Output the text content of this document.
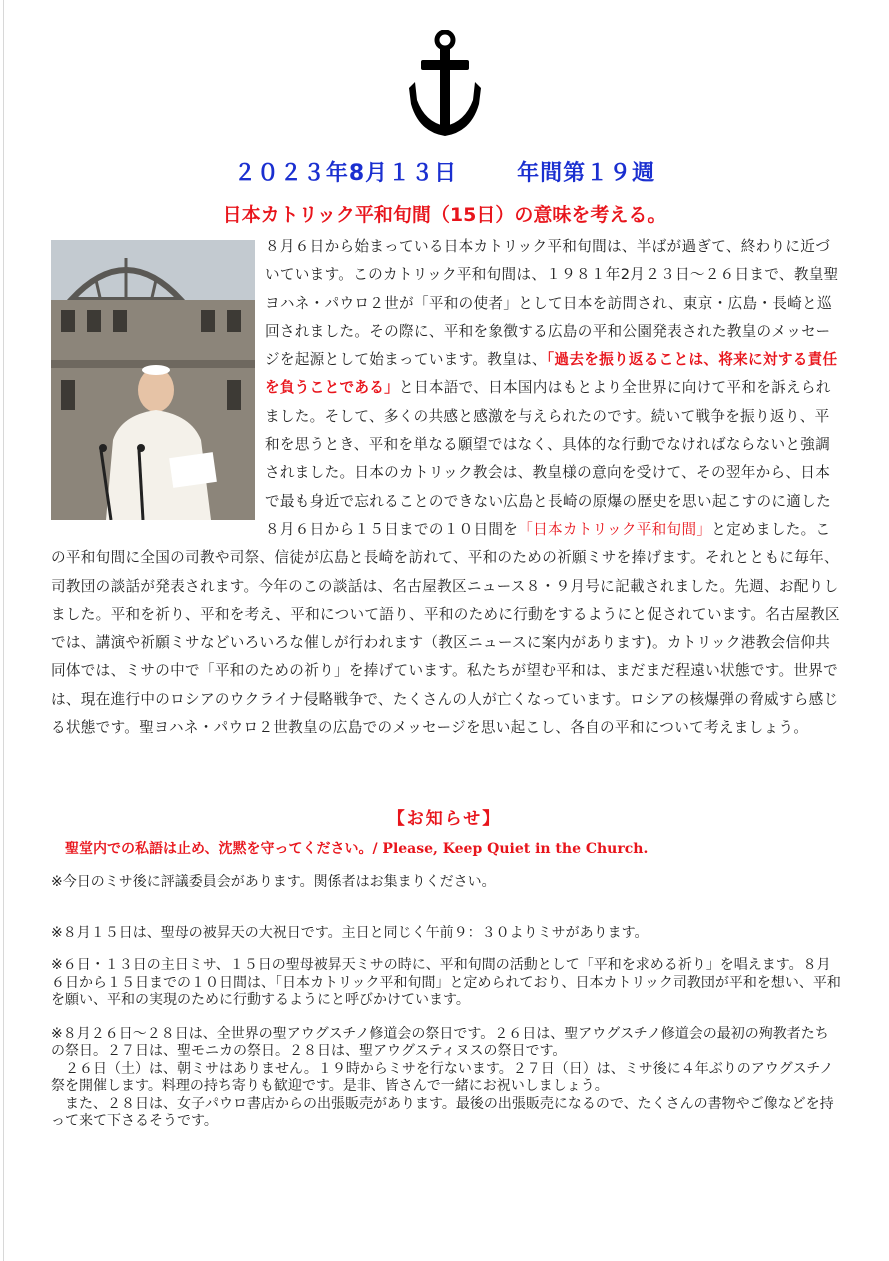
２０２３年8月１３日	年間第１９週
日本カトリック平和旬間（15日）の意味を考える。

８月６日から始まっている日本カトリック平和旬間は、半ばが過ぎて、終わりに近づいています。このカトリック平和旬間は、１９８１年2月２３日～２６日まで、教皇聖ヨハネ・パウロ２世が「平和の使者」として日本を訪問され、東京・広島・長崎と巡回されました。その際に、平和を象徴する広島の平和公園発表された教皇のメッセージを起源として始まっています。教皇は、「過去を振り返ることは、将来に対する責任を負うことである」と日本語で、日本国内はもとより全世界に向けて平和を訴えられました。そして、多くの共感と感激を与えられたのです。続いて戦争を振り返り、平和を思うとき、平和を単なる願望ではなく、具体的な行動でなければならないと強調されました。日本のカトリック教会は、教皇様の意向を受けて、その翌年から、日本で最も身近で忘れることのできない広島と長崎の原爆の歴史を思い起こすのに適した８月６日から１５日までの１０日間を「日本カトリック平和旬間」と定めました。この平和旬間に全国の司教や司祭、信徒が広島と長崎を訪れて、平和のための祈願ミサを捧げます。それとともに毎年、司教団の談話が発表されます。今年のこの談話は、名古屋教区ニュース８・９月号に記載されました。先週、お配りしました。平和を祈り、平和を考え、平和について語り、平和のために行動をするようにと促されています。名古屋教区では、講演や祈願ミサなどいろいろな催しが行われます（教区ニュースに案内があります)。カトリック港教会信仰共同体では、ミサの中で「平和のための祈り」を捧げています。私たちが望む平和は、まだまだ程遠い状態です。世界では、現在進行中のロシアのウクライナ侵略戦争で、たくさんの人が亡くなっています。ロシアの核爆弾の脅威すら感じる状態です。聖ヨハネ・パウロ２世教皇の広島でのメッセージを思い起こし、各自の平和について考えましょう。

【お知らせ】
聖堂内での私語は止め、沈黙を守ってください。/ Please, Keep Quiet in the Church.

※今日のミサ後に評議委員会があります。関係者はお集まりください。

※８月１５日は、聖母の被昇天の大祝日です。主日と同じく午前９：３０よりミサがあります。

※６日・１３日の主日ミサ、１５日の聖母被昇天ミサの時に、平和旬間の活動として「平和を求める祈り」を唱えます。８月６日から１５日までの１０日間は、「日本カトリック平和旬間」と定められており、日本カトリック司教団が平和を想い、平和を願い、平和の実現のために行動するようにと呼びかけています。

※８月２６日～２８日は、全世界の聖アウグスチノ修道会の祭日です。２６日は、聖アウグスチノ修道会の最初の殉教者たちの祭日。２７日は、聖モニカの祭日。２８日は、聖アウグスティヌスの祭日です。

　２６日（土）は、朝ミサはありません。１９時からミサを行ないます。２７日（日）は、ミサ後に４年ぶりのアウグスチノ祭を開催します。料理の持ち寄りも歓迎です。是非、皆さんで一緒にお祝いしましょう。

　また、２８日は、女子パウロ書店からの出張販売があります。最後の出張販売になるので、たくさんの書物やご像などを持って来て下さるそうです。
